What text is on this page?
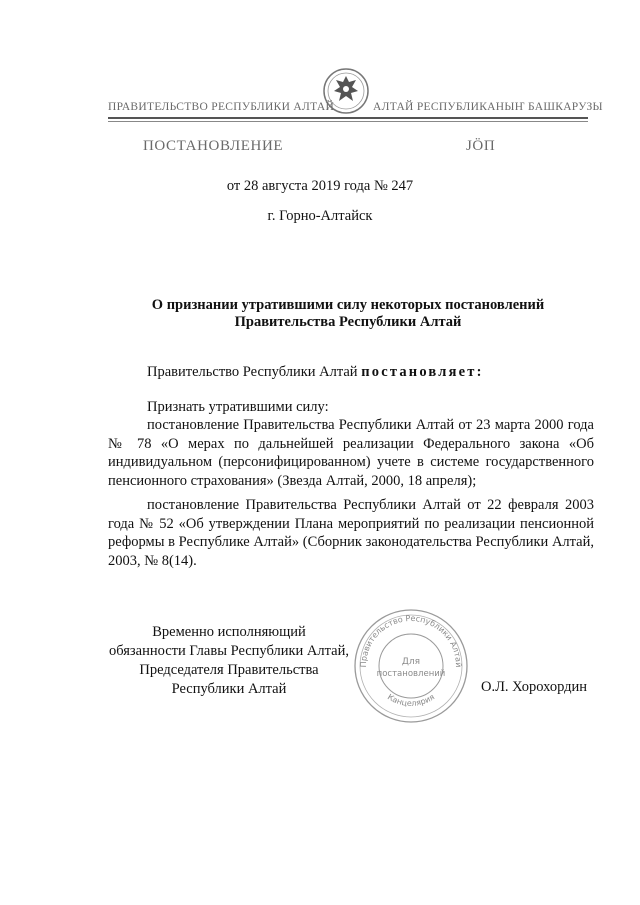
ПРАВИТЕЛЬСТВО РЕСПУБЛИКИ АЛТАЙ	АЛТАЙ РЕСПУБЛИКАНЫҤ БАШКАРУЗЫ
ПОСТАНОВЛЕНИЕ	ЈӦП
от 28 августа 2019 года № 247
г. Горно-Алтайск
О признании утратившими силу некоторых постановлений
Правительства Республики Алтай
Правительство Республики Алтай постановляет:
Признать утратившими силу:
постановление Правительства Республики Алтай от 23 марта 2000 года № 78 «О мерах по дальнейшей реализации Федерального закона «Об индивидуальном (персонифицированном) учете в системе государственного пенсионного страхования» (Звезда Алтай, 2000, 18 апреля);
постановление Правительства Республики Алтай от 22 февраля 2003 года № 52 «Об утверждении Плана мероприятий по реализации пенсионной реформы в Республике Алтай» (Сборник законодательства Республики Алтай, 2003, № 8(14).
Временно исполняющий
обязанности Главы Республики Алтай,
Председателя Правительства
Республики Алтай
Правительство Республики Алтай
Канцелярия
Для
постановлений
О.Л. Хорохордин
